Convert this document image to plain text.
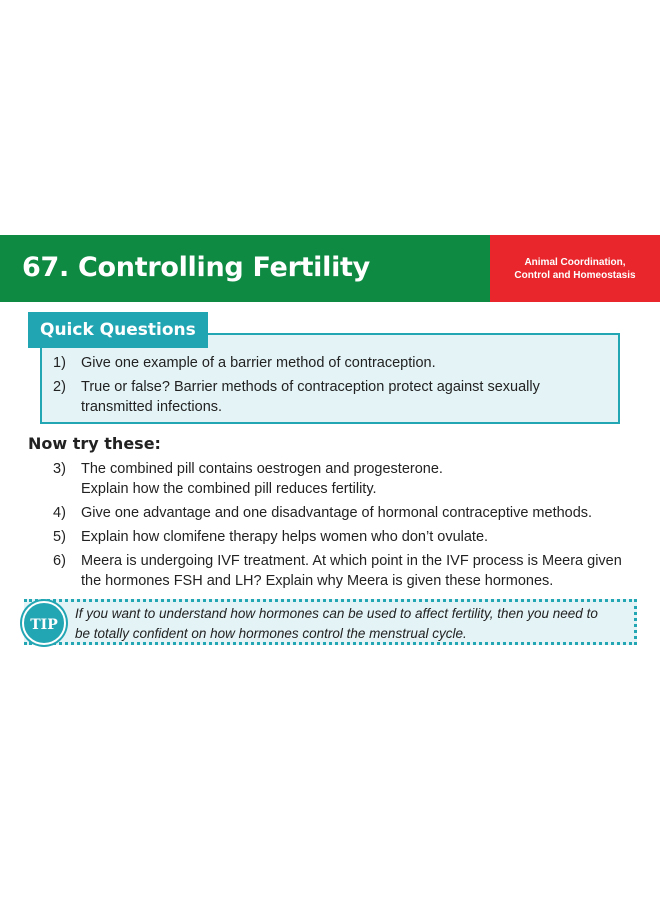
67. Controlling Fertility	Animal Coordination,
Control and Homeostasis
Quick Questions
1) Give one example of a barrier method of contraception.
2) True or false? Barrier methods of contraception protect against sexually
transmitted infections.
Now try these:
3) The combined pill contains oestrogen and progesterone.
Explain how the combined pill reduces fertility.
4) Give one advantage and one disadvantage of hormonal contraceptive methods.
5) Explain how clomifene therapy helps women who don’t ovulate.
6) Meera is undergoing IVF treatment. At which point in the IVF process is Meera given
the hormones FSH and LH? Explain why Meera is given these hormones.
TIP
If you want to understand how hormones can be used to affect fertility, then you need to
be totally confident on how hormones control the menstrual cycle.
